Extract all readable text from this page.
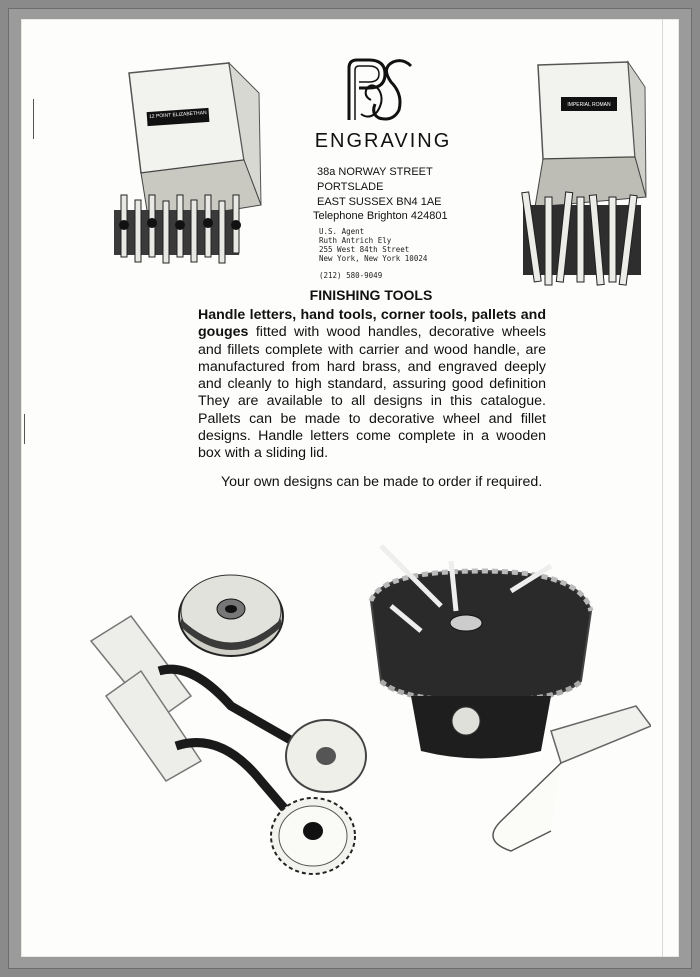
12 POINT ELIZABETHAN
IMPERIAL ROMAN
ENGRAVING
38a NORWAY STREET
PORTSLADE
EAST SUSSEX BN4 1AE
Telephone Brighton 424801
U.S. Agent
Ruth Antrich Ely
255 West 84th Street
New York, New York 10024
(212) 580-9049
FINISHING TOOLS

Handle letters, hand tools, corner tools, pallets and gouges fitted with wood handles, decorative wheels and fillets complete with carrier and wood handle, are manufactured from hard brass, and engraved deeply and cleanly to high standard, assuring good definition They are available to all designs in this catalogue. Pallets can be made to decorative wheel and fillet designs. Handle letters come complete in a wooden box with a sliding lid.

Your own designs can be made to order if required.
